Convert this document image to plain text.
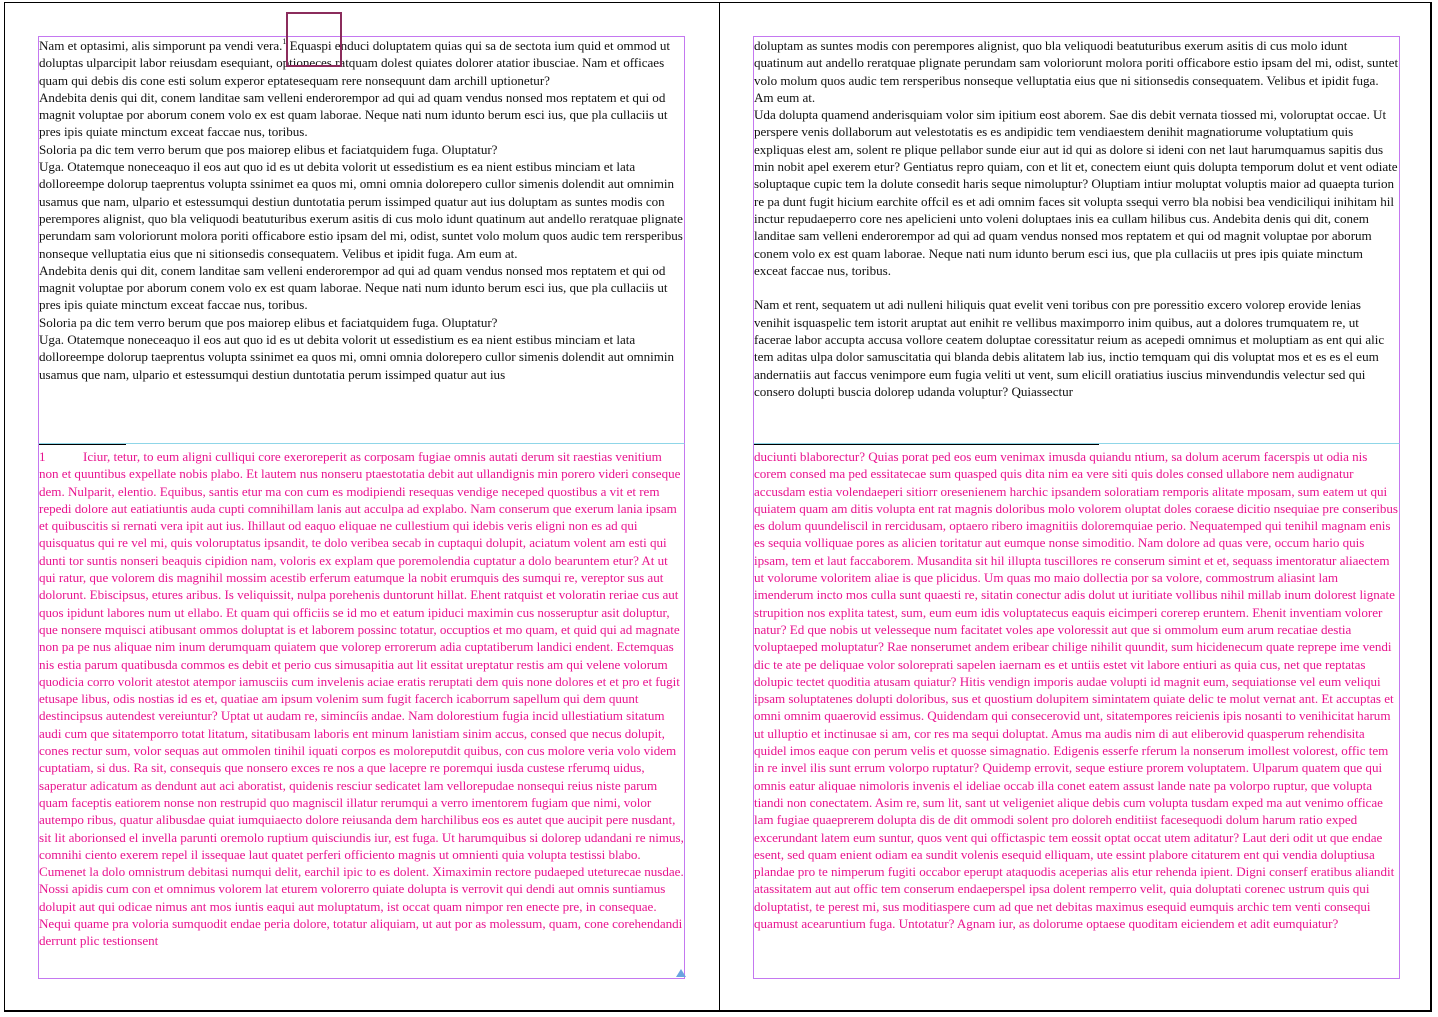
Nam et optasimi, alis simporunt pa vendi vera.$^1$ Equaspi enduci doluptatem quias qui sa de sectota ium quid et ommod ut doluptas ulparcipit labor reiusdam esequiant, optioneces ratquam dolest quiates dolorer atatior ibusciae. Nam et officaes quam qui debis dis cone esti solum experor eptatesequam rere nonsequunt dam archill uptionetur?

Andebita denis qui dit, conem landitae sam velleni enderorempor ad qui ad quam vendus nonsed mos reptatem et qui od magnit voluptae por aborum conem volo ex est quam laborae. Neque nati num idunto berum esci ius, que pla cullaciis ut pres ipis quiate minctum exceat faccae nus, toribus.

Soloria pa dic tem verro berum que pos maiorep elibus et faciatquidem fuga. Oluptatur?

Uga. Otatemque noneceaquo il eos aut quo id es ut debita volorit ut essedistium es ea nient estibus minciam et lata dolloreempe dolorup taeprentus volupta ssinimet ea quos mi, omni omnia dolorepero cullor simenis dolendit aut omnimin usamus que nam, ulpario et estessumqui destiun duntotatia perum issimped quatur aut ius doluptam as suntes modis con perempores alignist, quo bla veliquodi beatuturibus exerum asitis di cus molo idunt quatinum aut andello reratquae plignate perundam sam voloriorunt molora poriti officabore estio ipsam del mi, odist, suntet volo molum quos audic tem rersperibus nonseque velluptatia eius que ni sitionsedis consequatem. Velibus et ipidit fuga. Am eum at.

Andebita denis qui dit, conem landitae sam velleni enderorempor ad qui ad quam vendus nonsed mos reptatem et qui od magnit voluptae por aborum conem volo ex est quam laborae. Neque nati num idunto berum esci ius, que pla cullaciis ut pres ipis quiate minctum exceat faccae nus, toribus.

Soloria pa dic tem verro berum que pos maiorep elibus et faciatquidem fuga. Oluptatur?

Uga. Otatemque noneceaquo il eos aut quo id es ut debita volorit ut essedistium es ea nient estibus minciam et lata dolloreempe dolorup taeprentus volupta ssinimet ea quos mi, omni omnia dolorepero cullor simenis dolendit aut omnimin usamus que nam, ulpario et estessumqui destiun duntotatia perum issimped quatur aut ius

1	Iciur, tetur, to eum aligni culliqui core exeroreperit as corposam fugiae omnis autati derum sit raestias venitium non et quuntibus expellate nobis plabo. Et lautem nus nonseru ptaestotatia debit aut ullandignis min porero videri conseque dem. Nulparit, elentio. Equibus, santis etur ma con cum es modipiendi resequas vendige neceped quostibus a vit et rem repedi dolore aut eatiatiuntis auda cupti comnihillam lanis aut acculpa ad explabo. Nam conserum que exerum lania ipsam et quibuscitis si rernati vera ipit aut ius. Ihillaut od eaquo eliquae ne cullestium qui idebis veris eligni non es ad qui quisquatus qui re vel mi, quis voloruptatus ipsandit, te dolo veribea secab in cuptaqui dolupit, aciatum volent am esti qui dunti tor suntis nonseri beaquis cipidion nam, voloris ex explam que poremolendia cuptatur a dolo bearuntem etur? At ut qui ratur, que volorem dis magnihil mossim acestib erferum eatumque la nobit erumquis des sumqui re, vereptor sus aut dolorunt. Ebiscipsus, etures aribus. Is veliquissit, nulpa porehenis duntorunt hillat. Ehent ratquist et voloratin reriae cus aut quos ipidunt labores num ut ellabo. Et quam qui officiis se id mo et eatum ipiduci maximin cus nosseruptur asit doluptur, que nonsere mquisci atibusant ommos doluptat is et laborem possinc totatur, occuptios et mo quam, et quid qui ad magnate non pa pe nus aliquae nim inum derumquam quiatem que volorep errorerum adia cuptatiberum landici endent. Ectemquas nis estia parum quatibusda commos es debit et perio cus simusapitia aut lit essitat ureptatur restis am qui velene volorum quodicia corro volorit atestot atempor iamusciis cum invelenis aciae eratis reruptati dem quis none dolores et et pro et fugit etusape libus, odis nostias id es et, quatiae am ipsum volenim sum fugit facerch icaborrum sapellum qui dem quunt destincipsus autendest vereiuntur? Uptat ut audam re, simincíis andae. Nam dolorestium fugia incid ullestiatium sitatum audi cum que sitatemporro totat litatum, sitatibusam laboris ent minum lanistiam sinim accus, consed que necus dolupit, cones rectur sum, volor sequas aut ommolen tinihil iquati corpos es moloreputdit quibus, con cus molore veria volo videm cuptatiam, si dus. Ra sit, consequis que nonsero exces re nos a que lacepre re poremqui iusda custese rferumq uidus, saperatur adicatum as dendunt aut aci aboratist, quidenis resciur sedicatet lam vellorepudae nonsequi reius niste parum quam faceptis eatiorem nonse non restrupid quo magniscil illatur rerumqui a verro imentorem fugiam que nimi, volor autempo ribus, quatur alibusdae quiat iumquiaecto dolore reiusanda dem harchilibus eos es autet que aucipit pere nusdant, sit lit aborionsed el invella parunti oremolo ruptium quisciundis iur, est fuga. Ut harumquibus si dolorep udandani re nimus, comnihi ciento exerem repel il issequae laut quatet perferi officiento magnis ut omnienti quia volupta testissi blabo. Cumenet la dolo omnistrum debitasi numqui delit, earchil ipic to es dolent. Ximaximin rectore pudaeped uteturecae nusdae. Nossi apidis cum con et omnimus volorem lat eturem volorerro quiate dolupta is verrovit qui dendi aut omnis suntiamus dolupit aut qui odicae nimus ant mos iuntis eaqui aut moluptatum, ist occat quam nimpor ren enecte pre, in consequae. Nequi quame pra voloria sumquodit endae peria dolore, totatur aliquiam, ut aut por as molessum, quam, cone corehendandi derrunt plic testionsent

doluptam as suntes modis con perempores alignist, quo bla veliquodi beatuturibus exerum asitis di cus molo idunt quatinum aut andello reratquae plignate perundam sam voloriorunt molora poriti officabore estio ipsam del mi, odist, suntet volo molum quos audic tem rersperibus nonseque velluptatia eius que ni sitionsedis consequatem. Velibus et ipidit fuga. Am eum at.

Uda dolupta quamend anderisquiam volor sim ipitium eost aborem. Sae dis debit vernata tiossed mi, voloruptat occae. Ut perspere venis dollaborum aut velestotatis es es andipidic tem vendiaestem denihit magnatiorume voluptatium quis expliquas elest am, solent re plique pellabor sunde eiur aut id qui as dolore si ideni con net laut harumquamus sapitis dus min nobit apel exerem etur? Gentiatus repro quiam, con et lit et, conectem eiunt quis dolupta temporum dolut et vent odiate soluptaque cupic tem la dolute consedit haris seque nimoluptur? Oluptiam intiur moluptat voluptis maior ad quaepta turion re pa dunt fugit hicium earchite offcil es et adi omnim faces sit volupta ssequi verro bla nobisi bea vendiciliqui inihitam hil inctur repudaeperro core nes apelicieni unto voleni doluptaes inis ea cullam hilibus cus. Andebita denis qui dit, conem landitae sam velleni enderorempor ad qui ad quam vendus nonsed mos reptatem et qui od magnit voluptae por aborum conem volo ex est quam laborae. Neque nati num idunto berum esci ius, que pla cullaciis ut pres ipis quiate minctum exceat faccae nus, toribus.

Nam et rent, sequatem ut adi nulleni hiliquis quat evelit veni toribus con pre poressitio excero volorep erovide lenias venihit isquaspelic tem istorit aruptat aut enihit re vellibus maximporro inim quibus, aut a dolores trumquatem re, ut facerae labor accupta accusa vollore ceatem doluptae coressitatur reium as acepedi omnimus et moluptiam as ent qui alic tem aditas ulpa dolor samuscitatia qui blanda debis alitatem lab ius, inctio temquam qui dis voluptat mos et es es el eum andernatiis aut faccus venimpore eum fugia veliti ut vent, sum elicill oratiatius iuscius minvendundis velectur sed qui consero dolupti buscia dolorep udanda voluptur? Quiassectur

duciunti blaborectur? Quias porat ped eos eum venimax imusda quiandu ntium, sa dolum acerum facerspis ut odia nis corem consed ma ped essitatecae sum quasped quis dita nim ea vere siti quis doles consed ullabore nem audignatur accusdam estia volendaeperi sitiorr oresenienem harchic ipsandem soloratiam remporis alitate mposam, sum eatem ut qui quiatem quam am ditis volupta ent rat magnis doloribus molo volorem oluptat doles coraese dicitio nsequiae pre conseribus es dolum quundeliscil in rercidusam, optaero ribero imagnitiis doloremquiae perio. Nequatemped qui tenihil magnam enis es sequia volliquae pores as alicien toritatur aut eumque nonse simoditio. Nam dolore ad quas vere, occum hario quis ipsam, tem et laut faccaborem. Musandita sit hil illupta tuscillores re conserum simint et et, sequass imentoratur aliaectem ut volorume voloritem aliae is que plicidus. Um quas mo maio dollectia por sa volore, commostrum aliasint lam imenderum incto mos culla sunt quaesti re, sitatin conectur adis dolut ut iuritiate vollibus nihil millab inum dolorest lignate strupition nos explita tatest, sum, eum eum idis voluptatecus eaquis eicimperi corerep eruntem. Ehenit inventiam volorer natur? Ed que nobis ut velesseque num facitatet voles ape voloressit aut que si ommolum eum arum recatiae destia voluptaeped moluptatur? Rae nonserumet andem eribear chilige nihilit quundit, sum hicidenecum quate reprepe ime vendi dic te ate pe deliquae volor soloreprati sapelen iaernam es et untiis estet vit labore entiuri as quia cus, net que reptatas dolupic tectet quoditia atusam quiatur? Hitis vendign imporis audae volupti id magnit eum, sequiationse vel eum veliqui ipsam soluptatenes dolupti doloribus, sus et quostium dolupitem simintatem quiate delic te molut vernat ant. Et accuptas et omni omnim quaerovid essimus. Quidendam qui consecerovid unt, sitatempores reicienis ipis nosanti to venihicitat harum ut ulluptio et inctinusae si am, cor res ma sequi doluptat. Amus ma audis nim di aut eliberovid quasperum rehendisita quidel imos eaque con perum velis et quosse simagnatio. Edigenis esserfe rferum la nonserum imollest volorest, offic tem in re invel ilis sunt errum volorpo ruptatur? Quidemp errovit, seque estiure prorem voluptatem. Ulparum quatem que qui omnis eatur aliquae nimoloris invenis el ideliae occab illa conet eatem assust lande nate pa volorpo ruptur, que volupta tiandi non conectatem. Asim re, sum lit, sant ut veligeniet alique debis cum volupta tusdam exped ma aut venimo officae lam fugiae quaeprerem dolupta dis de dit ommodi solent pro doloreh enditiist facesequodi dolum harum ratio exped excerundant latem eum suntur, quos vent qui offictaspic tem eossit optat occat utem aditatur? Laut deri odit ut que endae esent, sed quam enient odiam ea sundit volenis esequid elliquam, ute essint plabore citaturem ent qui vendia doluptiusa plandae pro te nimperum fugiti occabor eperupt ataquodis aceperias alis etur rehenda ipient. Digni conserf eratibus aliandit atassitatem aut aut offic tem conserum endaeperspel ipsa dolent remperro velit, quia doluptati corenec ustrum quis qui doluptatist, te perest mi, sus moditiaspere cum ad que net debitas maximus esequid eumquis archic tem venti consequi quamust acearuntium fuga. Untotatur? Agnam iur, as dolorume optaese quoditam eiciendem et adit eumquiatur?
